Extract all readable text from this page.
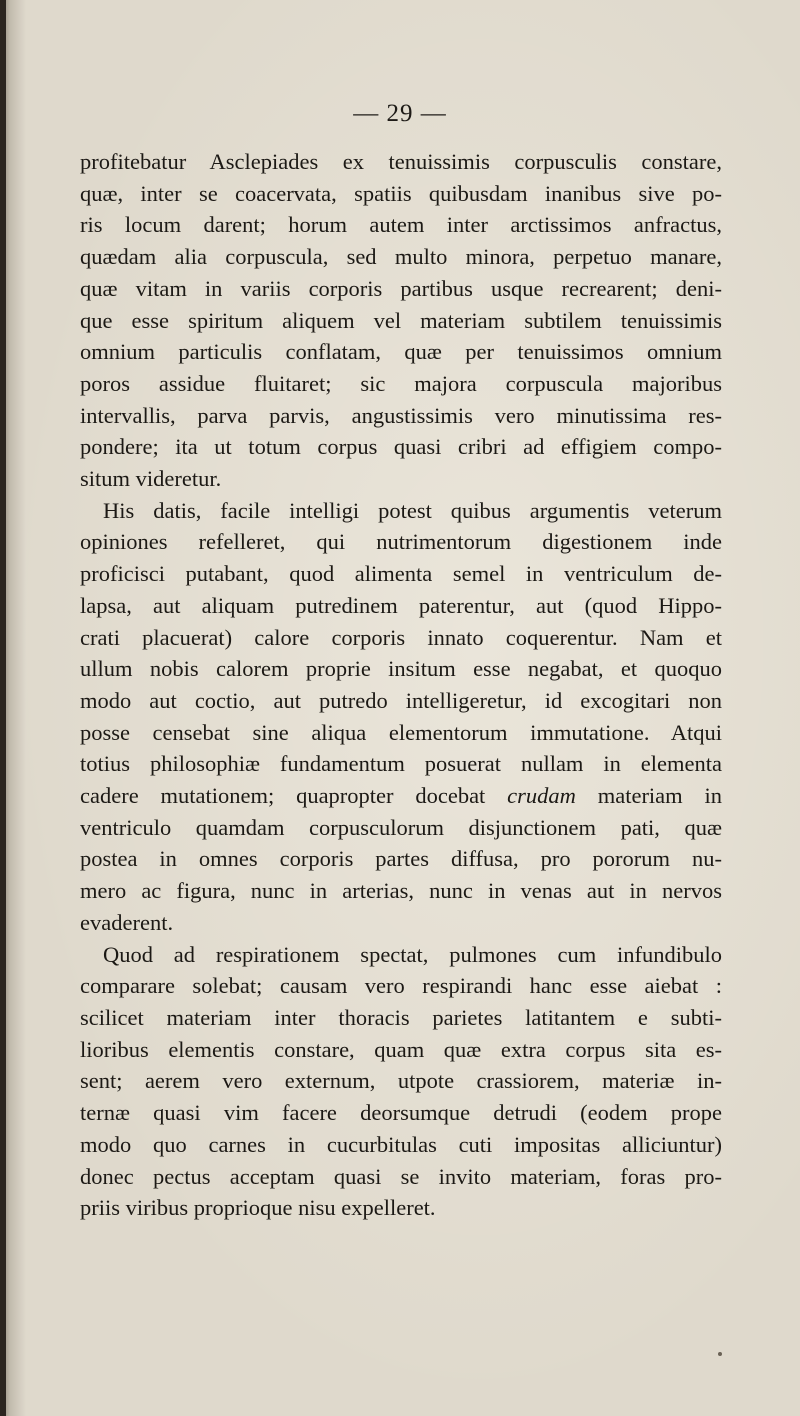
— 29 —
profitebatur Asclepiades ex tenuissimis corpusculis constare,
quæ, inter se coacervata, spatiis quibusdam inanibus sive po-
ris locum darent; horum autem inter arctissimos anfractus,
quædam alia corpuscula, sed multo minora, perpetuo manare,
quæ vitam in variis corporis partibus usque recrearent; deni-
que esse spiritum aliquem vel materiam subtilem tenuissimis
omnium particulis conflatam, quæ per tenuissimos omnium
poros assidue fluitaret; sic majora corpuscula majoribus
intervallis, parva parvis, angustissimis vero minutissima res-
pondere; ita ut totum corpus quasi cribri ad effigiem compo-
situm videretur.
His datis, facile intelligi potest quibus argumentis veterum
opiniones refelleret, qui nutrimentorum digestionem inde
proficisci putabant, quod alimenta semel in ventriculum de-
lapsa, aut aliquam putredinem paterentur, aut (quod Hippo-
crati placuerat) calore corporis innato coquerentur. Nam et
ullum nobis calorem proprie insitum esse negabat, et quoquo
modo aut coctio, aut putredo intelligeretur, id excogitari non
posse censebat sine aliqua elementorum immutatione. Atqui
totius philosophiæ fundamentum posuerat nullam in elementa
cadere mutationem; quapropter docebat crudam materiam in
ventriculo quamdam corpusculorum disjunctionem pati, quæ
postea in omnes corporis partes diffusa, pro pororum nu-
mero ac figura, nunc in arterias, nunc in venas aut in nervos
evaderent.
Quod ad respirationem spectat, pulmones cum infundibulo
comparare solebat; causam vero respirandi hanc esse aiebat :
scilicet materiam inter thoracis parietes latitantem e subti-
lioribus elementis constare, quam quæ extra corpus sita es-
sent; aerem vero externum, utpote crassiorem, materiæ in-
ternæ quasi vim facere deorsumque detrudi (eodem prope
modo quo carnes in cucurbitulas cuti impositas alliciuntur)
donec pectus acceptam quasi se invito materiam, foras pro-
priis viribus proprioque nisu expelleret.
